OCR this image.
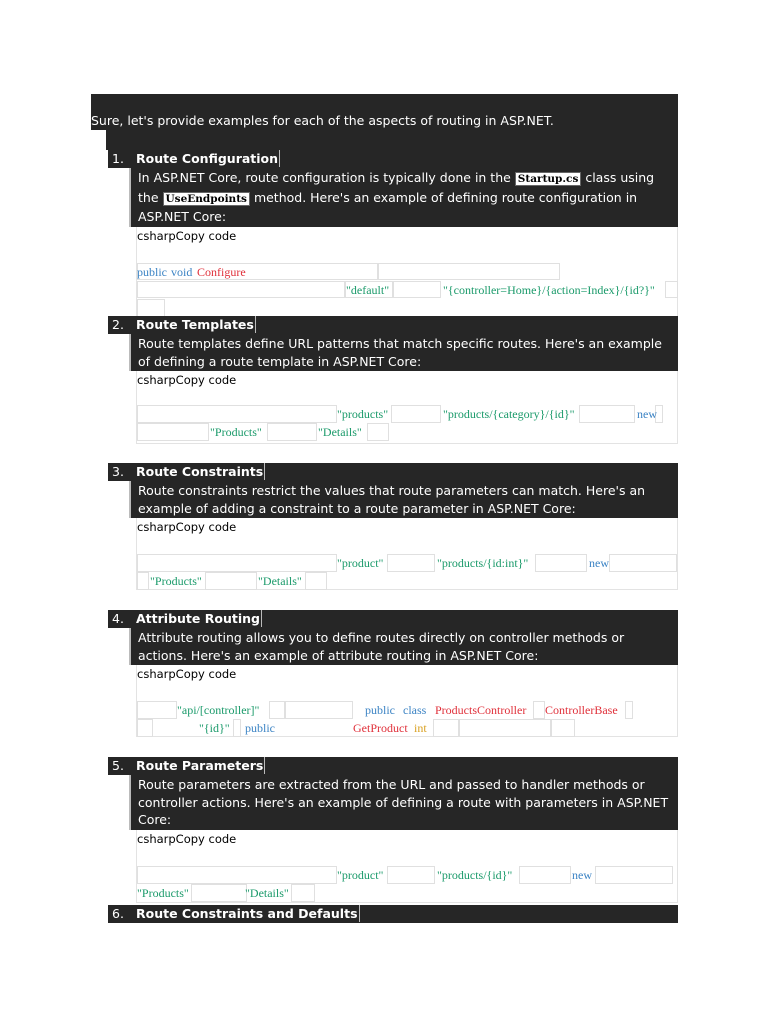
Sure, let's provide examples for each of the aspects of routing in ASP.NET.
1. Route Configuration
In ASP.NET Core, route configuration is typically done in the Startup.cs class using the UseEndpoints method. Here's an example of defining route configuration in ASP.NET Core:
csharpCopy code
public void Configure
"default"	"{controller=Home}/{action=Index}/{id?}"
2. Route Templates
Route templates define URL patterns that match specific routes. Here's an example of defining a route template in ASP.NET Core:
csharpCopy code
"products"	"products/{category}/{id}"	new
"Products"	"Details"
3. Route Constraints
Route constraints restrict the values that route parameters can match. Here's an example of adding a constraint to a route parameter in ASP.NET Core:
csharpCopy code
"product"	"products/{id:int}"	new
"Products"	"Details"
4. Attribute Routing
Attribute routing allows you to define routes directly on controller methods or actions. Here's an example of attribute routing in ASP.NET Core:
csharpCopy code
"api/[controller]"	public class ProductsController ControllerBase
"{id}" public	GetProduct int
5. Route Parameters
Route parameters are extracted from the URL and passed to handler methods or controller actions. Here's an example of defining a route with parameters in ASP.NET Core:
csharpCopy code
"product"	"products/{id}"	new
"Products"	"Details"
6. Route Constraints and Defaults
